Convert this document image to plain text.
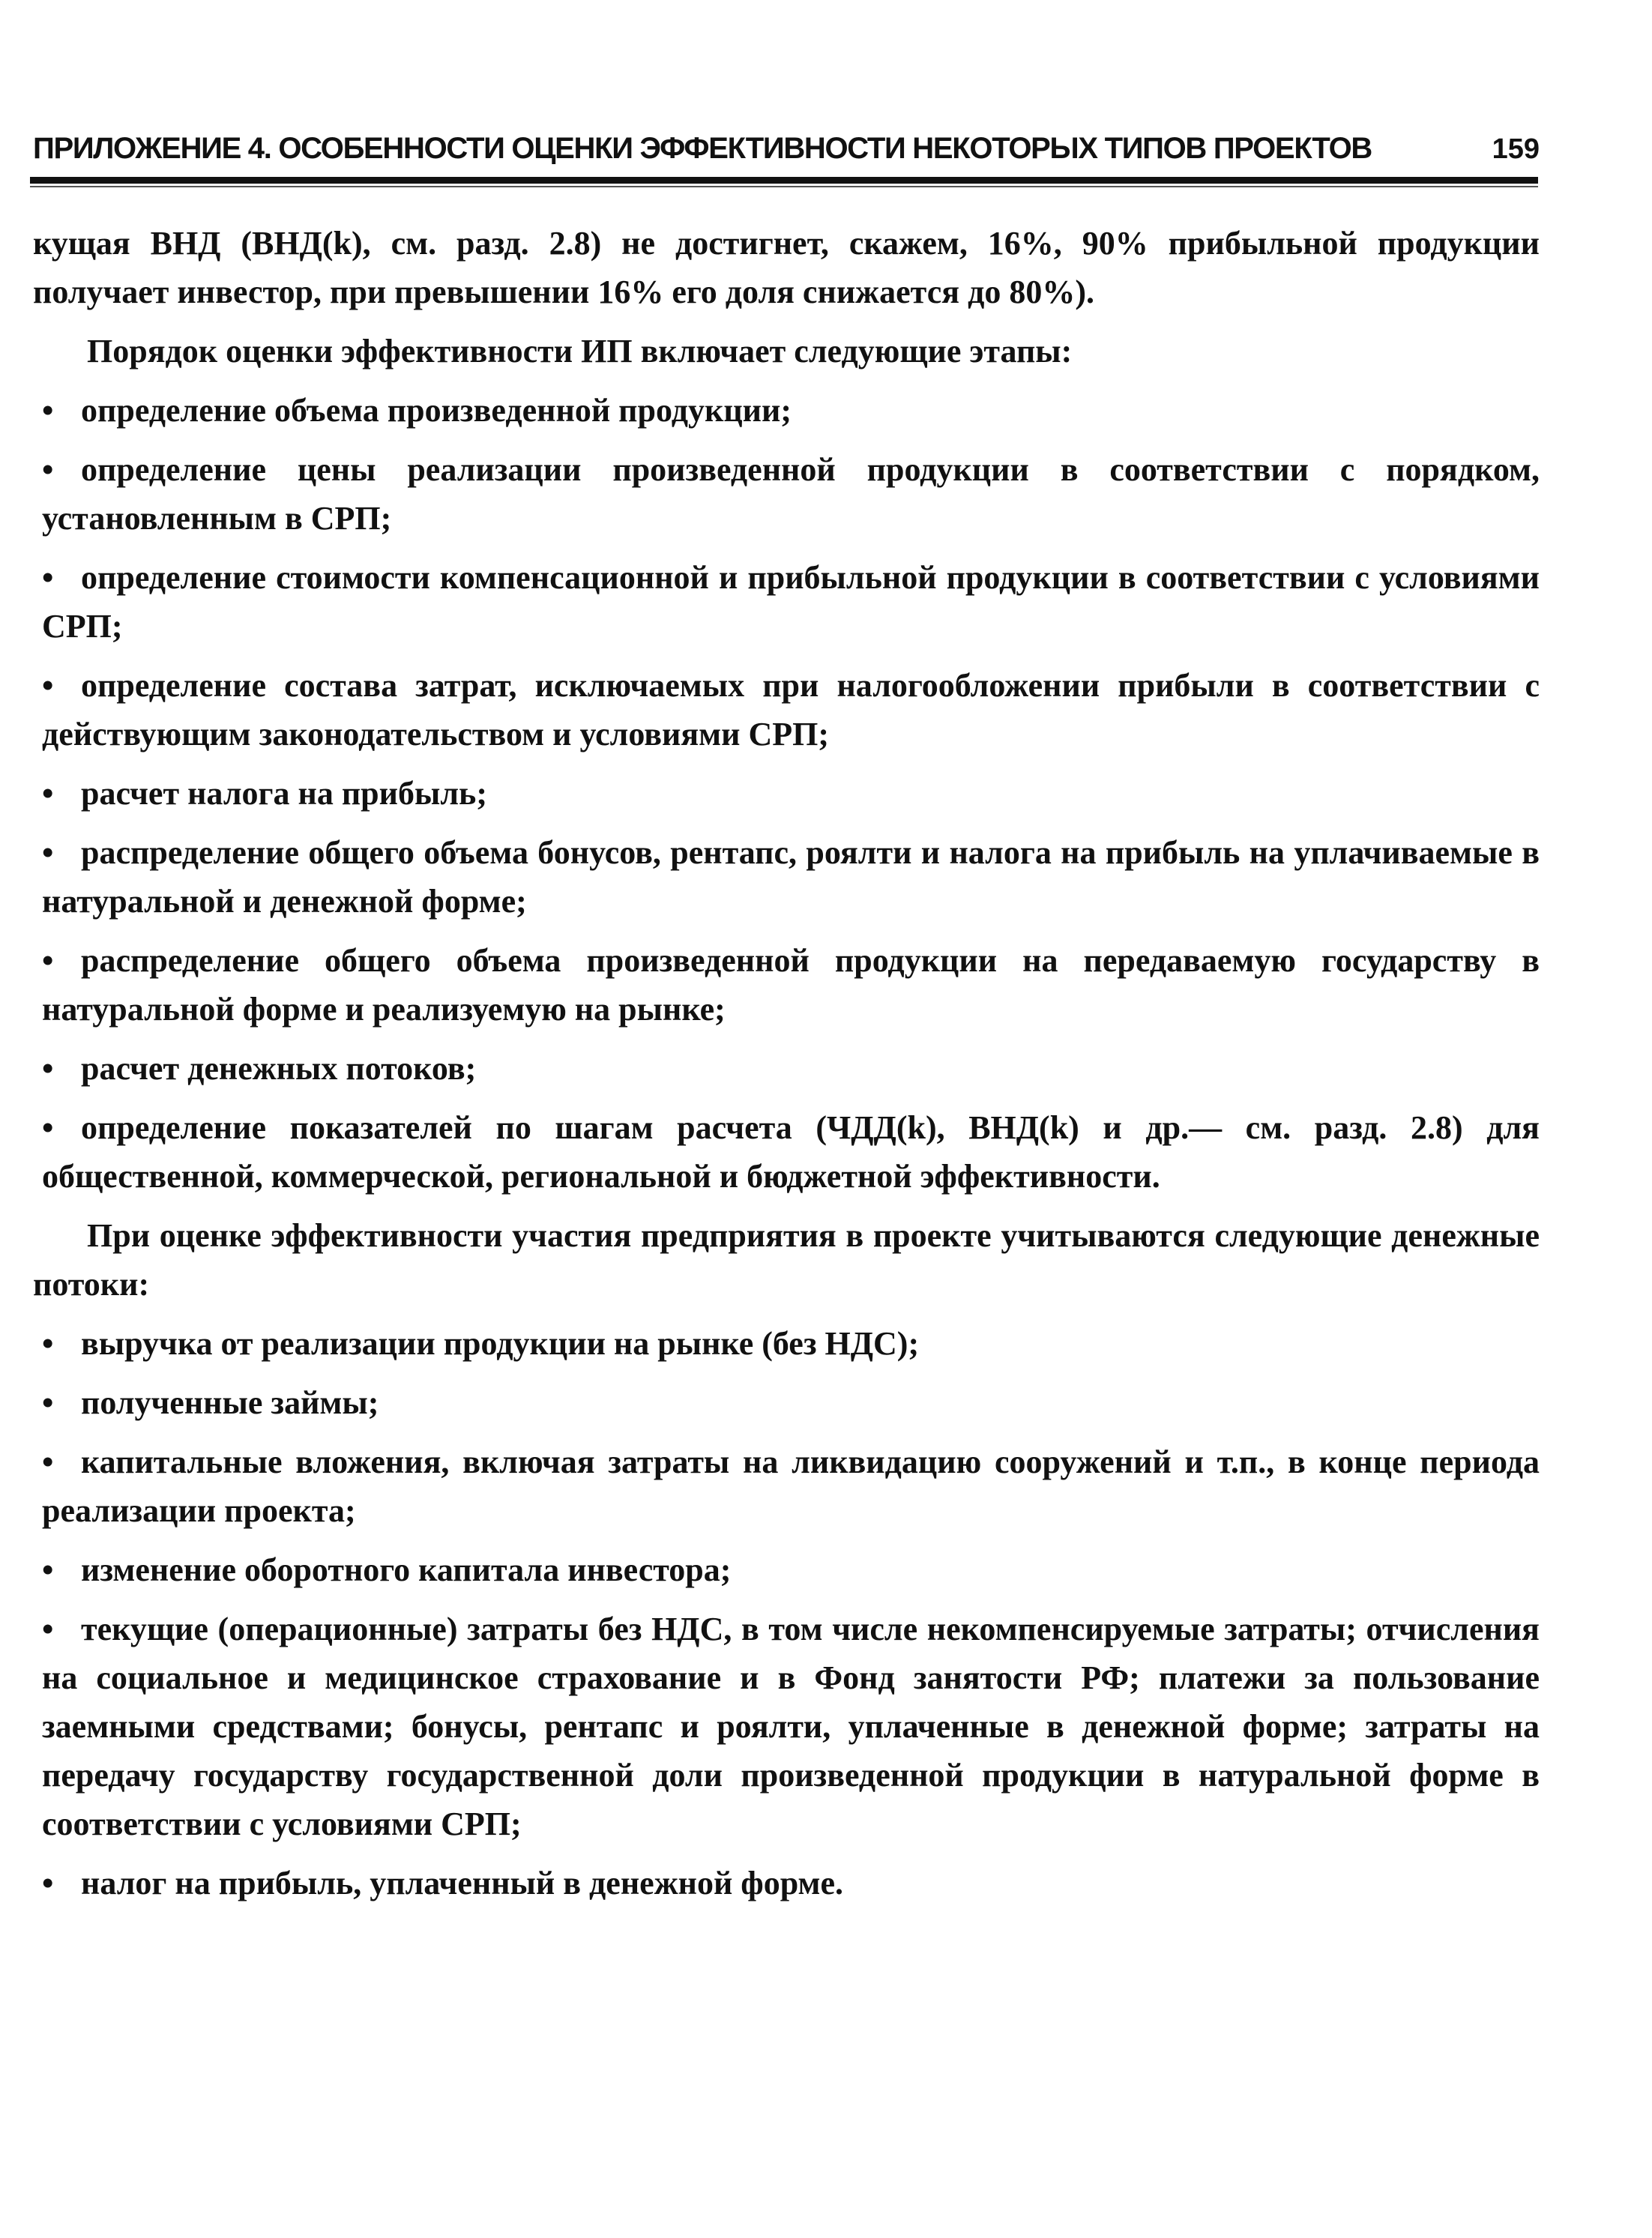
ПРИЛОЖЕНИЕ 4. ОСОБЕННОСТИ ОЦЕНКИ ЭФФЕКТИВНОСТИ НЕКОТОРЫХ ТИПОВ ПРОЕКТОВ	159

кущая ВНД (ВНД(k), см. разд. 2.8) не достигнет, скажем, 16%, 90% прибыльной продукции получает инвестор, при превышении 16% его доля снижается до 80%).

Порядок оценки эффективности ИП включает следующие этапы:

• определение объема произведенной продукции;

• определение цены реализации произведенной продукции в соответствии с порядком, установленным в СРП;

• определение стоимости компенсационной и прибыльной продукции в соответствии с условиями СРП;

• определение состава затрат, исключаемых при налогообложении прибыли в соответствии с действующим законодательством и условиями СРП;

• расчет налога на прибыль;

• распределение общего объема бонусов, рентапс, роялти и налога на прибыль на уплачиваемые в натуральной и денежной форме;

• распределение общего объема произведенной продукции на передаваемую государству в натуральной форме и реализуемую на рынке;

• расчет денежных потоков;

• определение показателей по шагам расчета (ЧДД(k), ВНД(k) и др.— см. разд. 2.8) для общественной, коммерческой, региональной и бюджетной эффективности.

При оценке эффективности участия предприятия в проекте учитываются следующие денежные потоки:

• выручка от реализации продукции на рынке (без НДС);

• полученные займы;

• капитальные вложения, включая затраты на ликвидацию сооружений и т.п., в конце периода реализации проекта;

• изменение оборотного капитала инвестора;

• текущие (операционные) затраты без НДС, в том числе некомпенсируемые затраты; отчисления на социальное и медицинское страхование и в Фонд занятости РФ; платежи за пользование заемными средствами; бонусы, рентапс и роялти, уплаченные в денежной форме; затраты на передачу государству государственной доли произведенной продукции в натуральной форме в соответствии с условиями СРП;

• налог на прибыль, уплаченный в денежной форме.
